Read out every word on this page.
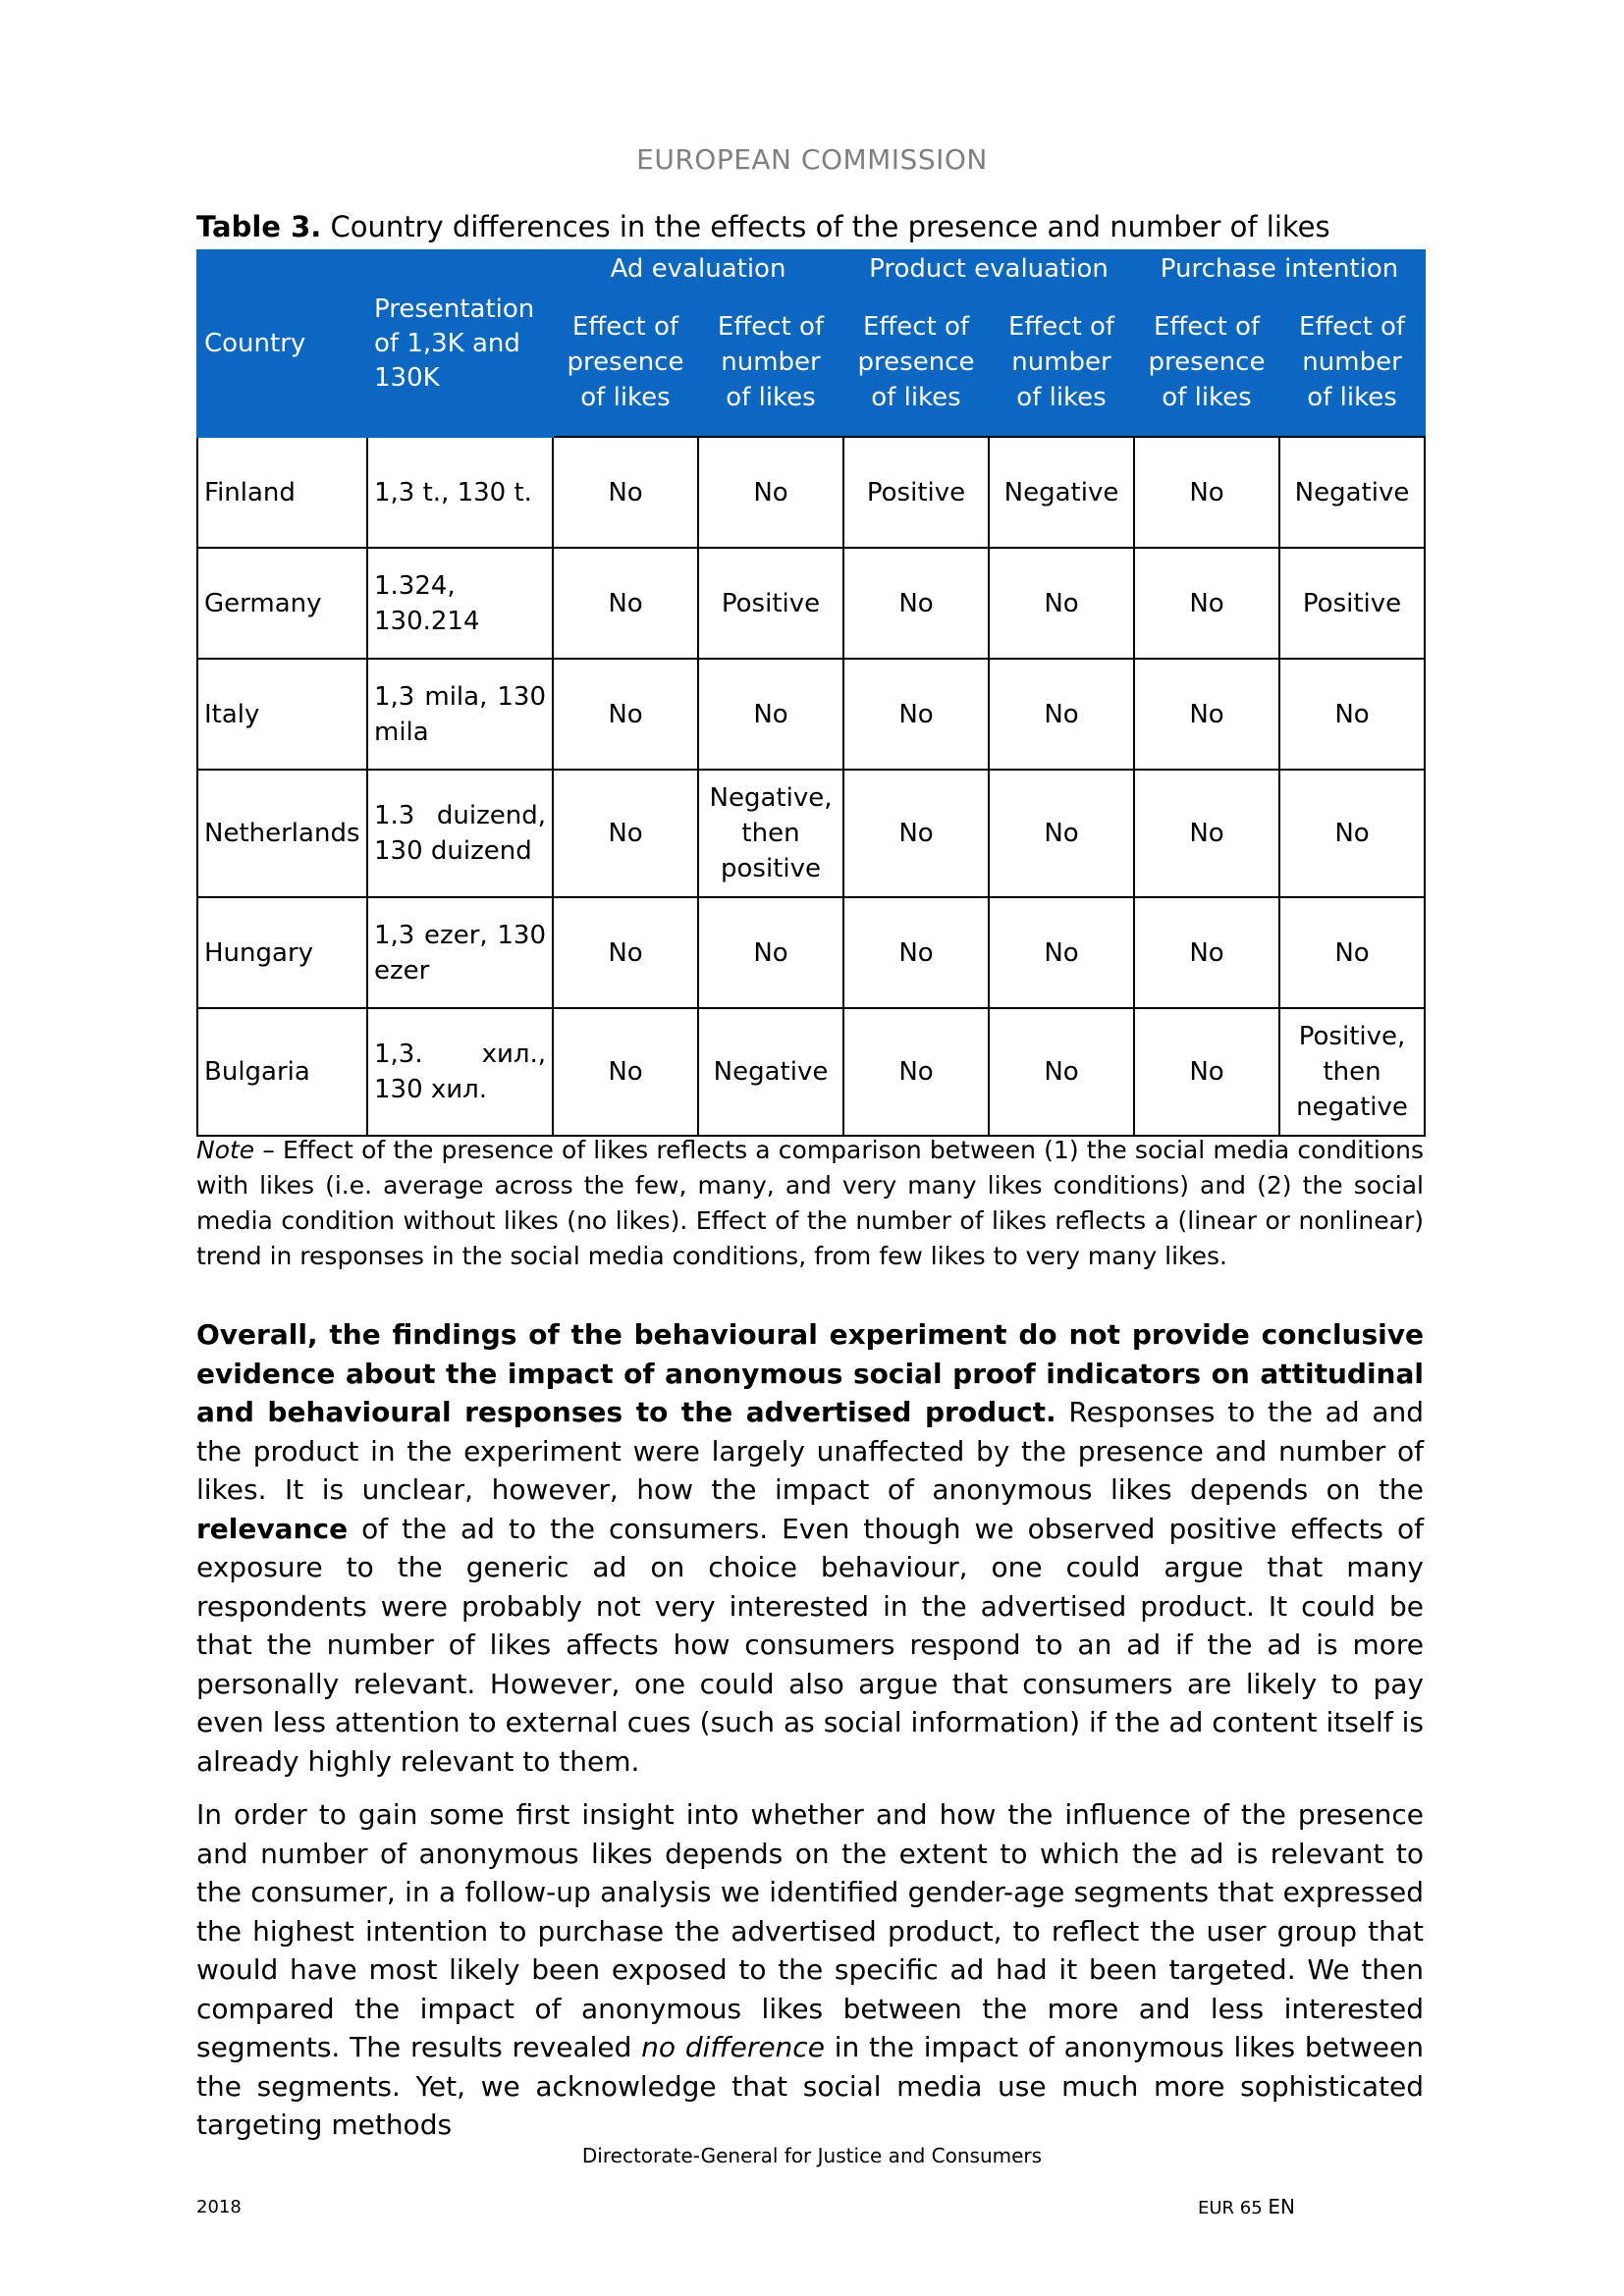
EUROPEAN COMMISSION
Table 3. Country differences in the effects of the presence and number of likes
Country	Presentation of 1,3K and 130K	Ad evaluation		Product evaluation		Purchase intention	
		Effect of presence of likes	Effect of number of likes	Effect of presence of likes	Effect of number of likes	Effect of presence of likes	Effect of number of likes
Finland	1,3 t., 130 t.	No	No	Positive	Negative	No	Negative
Germany	1.324, 130.214	No	Positive	No	No	No	Positive
Italy	1,3 mila, 130 mila	No	No	No	No	No	No
Netherlands	1.3 duizend, 130 duizend	No	Negative, then positive	No	No	No	No
Hungary	1,3 ezer, 130 ezer	No	No	No	No	No	No
Bulgaria	1,3. хил., 130 хил.	No	Negative	No	No	No	Positive, then negative
Note – Effect of the presence of likes reflects a comparison between (1) the social media conditions with likes (i.e. average across the few, many, and very many likes conditions) and (2) the social media condition without likes (no likes). Effect of the number of likes reflects a (linear or nonlinear) trend in responses in the social media conditions, from few likes to very many likes.
Overall, the findings of the behavioural experiment do not provide conclusive evidence about the impact of anonymous social proof indicators on attitudinal and behavioural responses to the advertised product. Responses to the ad and the product in the experiment were largely unaffected by the presence and number of likes. It is unclear, however, how the impact of anonymous likes depends on the relevance of the ad to the consumers. Even though we observed positive effects of exposure to the generic ad on choice behaviour, one could argue that many respondents were probably not very interested in the advertised product. It could be that the number of likes affects how consumers respond to an ad if the ad is more personally relevant. However, one could also argue that consumers are likely to pay even less attention to external cues (such as social information) if the ad content itself is already highly relevant to them.
In order to gain some first insight into whether and how the influence of the presence and number of anonymous likes depends on the extent to which the ad is relevant to the consumer, in a follow-up analysis we identified gender-age segments that expressed the highest intention to purchase the advertised product, to reflect the user group that would have most likely been exposed to the specific ad had it been targeted. We then compared the impact of anonymous likes between the more and less interested segments. The results revealed no difference in the impact of anonymous likes between the segments. Yet, we acknowledge that social media use much more sophisticated targeting methods
Directorate-General for Justice and Consumers
2018	EUR 65 EN
